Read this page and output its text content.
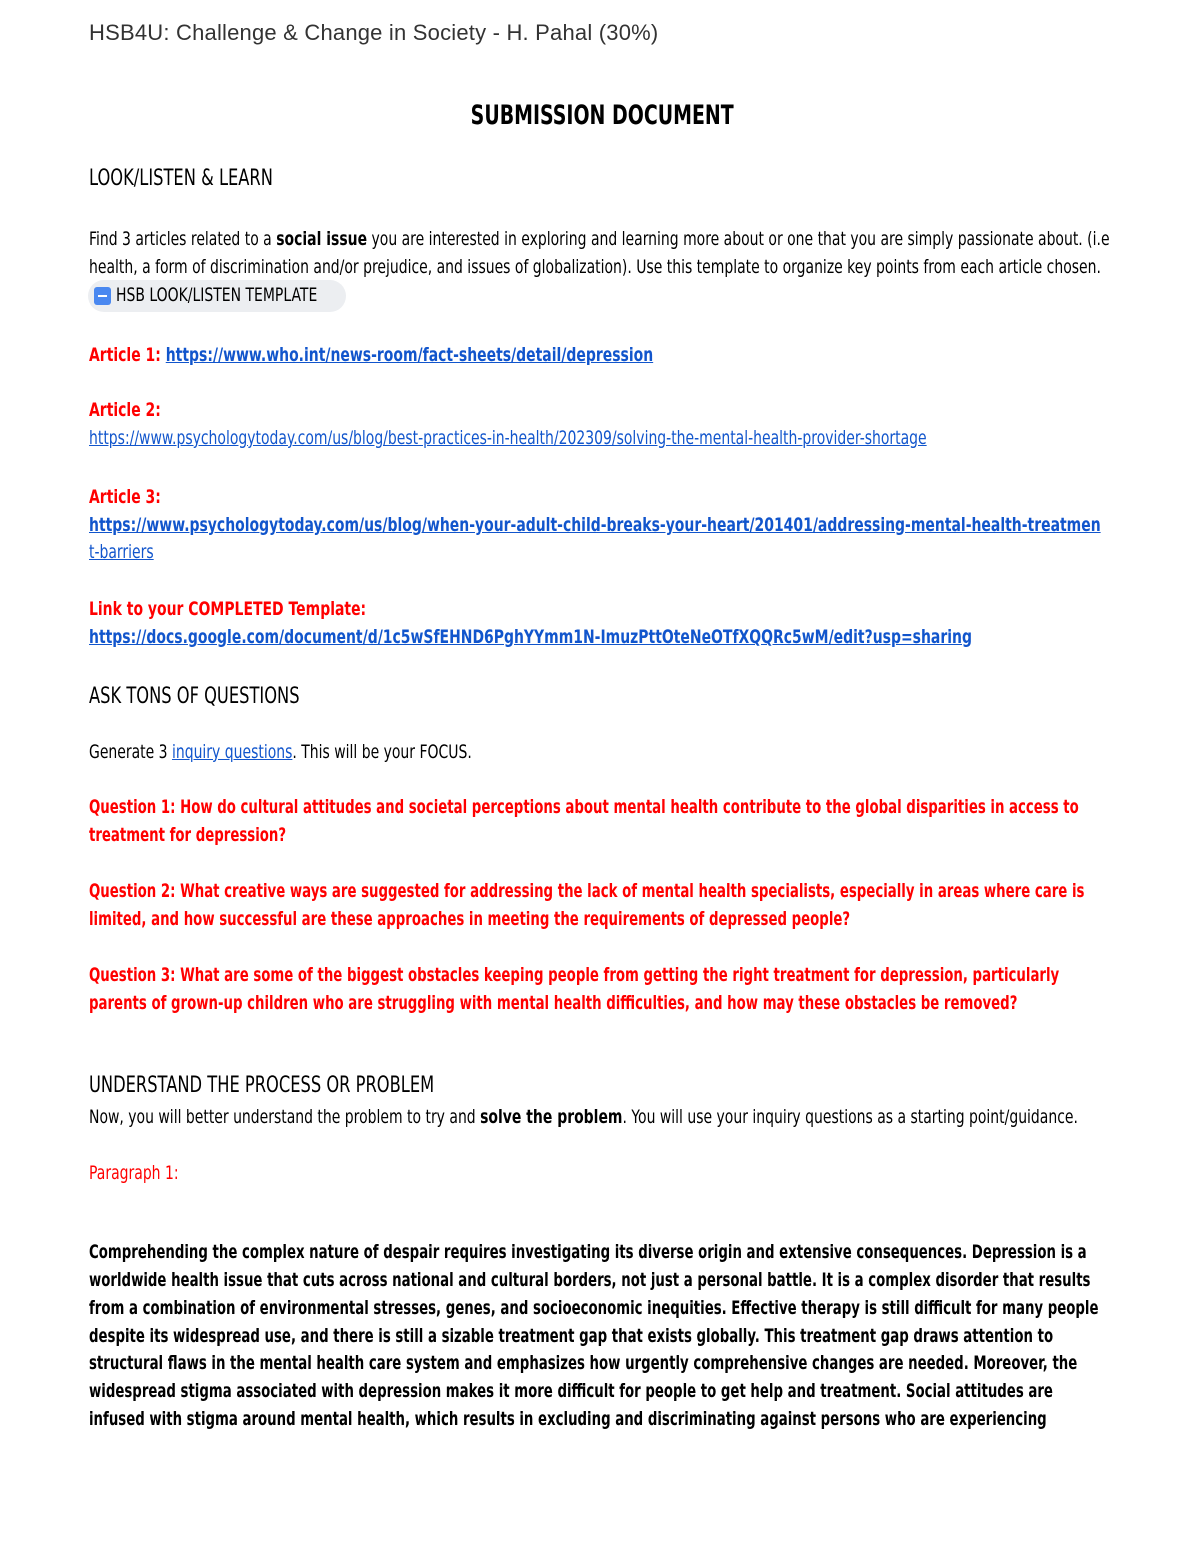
HSB4U: Challenge & Change in Society - H. Pahal (30%)
SUBMISSION DOCUMENT
LOOK/LISTEN & LEARN
Find 3 articles related to a social issue you are interested in exploring and learning more about or one that you are simply passionate about. (i.e
health, a form of discrimination and/or prejudice, and issues of globalization). Use this template to organize key points from each article chosen.
HSB LOOK/LISTEN TEMPLATE
Article 1: https://www.who.int/news-room/fact-sheets/detail/depression
Article 2:
https://www.psychologytoday.com/us/blog/best-practices-in-health/202309/solving-the-mental-health-provider-shortage
Article 3:
https://www.psychologytoday.com/us/blog/when-your-adult-child-breaks-your-heart/201401/addressing-mental-health-treatmen
t-barriers
Link to your COMPLETED Template:
https://docs.google.com/document/d/1c5wSfEHND6PghYYmm1N-ImuzPttOteNeOTfXQQRc5wM/edit?usp=sharing
ASK TONS OF QUESTIONS
Generate 3 inquiry questions. This will be your FOCUS.
Question 1: How do cultural attitudes and societal perceptions about mental health contribute to the global disparities in access to
treatment for depression?
Question 2: What creative ways are suggested for addressing the lack of mental health specialists, especially in areas where care is
limited, and how successful are these approaches in meeting the requirements of depressed people?
Question 3: What are some of the biggest obstacles keeping people from getting the right treatment for depression, particularly
parents of grown-up children who are struggling with mental health difficulties, and how may these obstacles be removed?
UNDERSTAND THE PROCESS OR PROBLEM
Now, you will better understand the problem to try and solve the problem. You will use your inquiry questions as a starting point/guidance.
Paragraph 1:
Comprehending the complex nature of despair requires investigating its diverse origin and extensive consequences. Depression is a
worldwide health issue that cuts across national and cultural borders, not just a personal battle. It is a complex disorder that results
from a combination of environmental stresses, genes, and socioeconomic inequities. Effective therapy is still difficult for many people
despite its widespread use, and there is still a sizable treatment gap that exists globally. This treatment gap draws attention to
structural flaws in the mental health care system and emphasizes how urgently comprehensive changes are needed. Moreover, the
widespread stigma associated with depression makes it more difficult for people to get help and treatment. Social attitudes are
infused with stigma around mental health, which results in excluding and discriminating against persons who are experiencing
